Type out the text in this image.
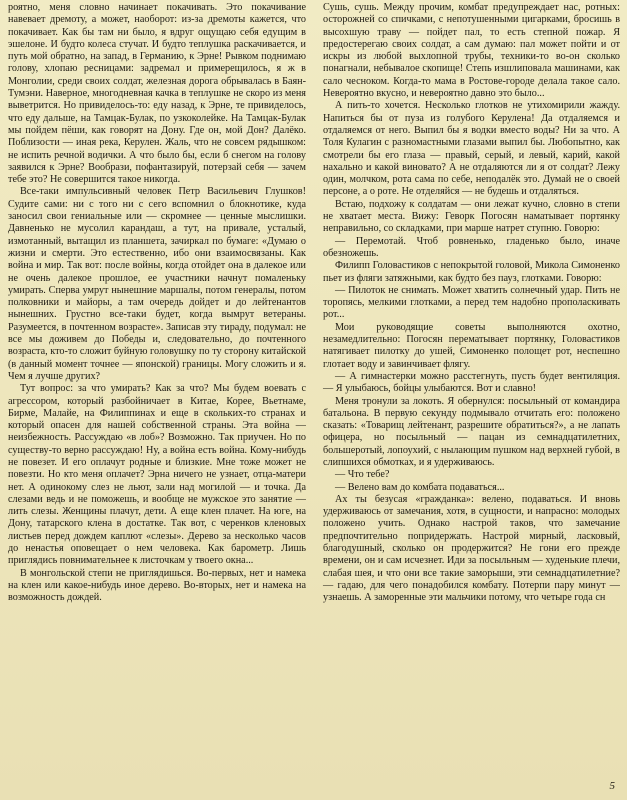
роятно, меня словно начинает покачивать. Это покачивание навевает дремоту, а может, наоборот: из-за дремоты кажется, что покачивает. Как бы там ни было, я вдруг ощущаю себя едущим в эшелоне. И будто колеса стучат. И будто теплушка раскачивается, и путь мой обратно, на запад, в Германию, к Эрне! Рывком поднимаю голову, хлопаю ресницами: задремал и примерещилось, я ж в Монголии, среди своих солдат, железная дорога обрывалась в Баян-Тумэни. Наверное, многодневная качка в теплушке не скоро из меня выветрится. Но привиделось-то: еду назад, к Эрне, те привиделось, что еду дальше, на Тамцак-Булак, по узкоколейке. На Тамцак-Булак мы пойдем пёши, как говорят на Дону. Где он, мой Дон? Далёко. Поблизости — иная река, Керулен. Жаль, что не совсем рядышком: не испить речной водички. А что было бы, если б снегом на голову заявился к Эрне? Вообрази, пофантазируй, потерзай себя — зачем тебе это? Не совершится такое никогда.

Все-таки импульсивный человек Петр Васильевич Глушков! Судите сами: ни с того ни с сего вспомнил о блокнотике, куда заносил свои гениальные или — скромнее — ценные мыслишки. Давненько не мусолил карандаш, а тут, на привале, усталый, измотанный, вытащил из планшета, зачиркал по бумаге: «Думаю о жизни и смерти. Это естественно, ибо они взаимосвязаны. Как война и мир. Так вот: после войны, когда отойдет она в далекое или не очень далекое прошлое, ее участники начнут помаленьку умирать. Сперва умрут нынешние маршалы, потом генералы, потом полковники и майоры, а там очередь дойдет и до лейтенантов нынешних. Грустно все-таки будет, когда вымрут ветераны. Разумеется, в почтенном возрасте». Записав эту тираду, подумал: не все мы доживем до Победы и, следовательно, до почтенного возраста, кто-то сложит буйную головушку по ту сторону китайской (в данный момент точнее — японской) границы. Могу сложить и я. Чем я лучше других?

Тут вопрос: за что умирать? Как за что? Мы будем воевать с агрессором, который разбойничает в Китае, Корее, Вьетнаме, Бирме, Малайе, на Филиппинах и еще в скольких-то странах и который опасен для нашей собственной страны. Эта война — неизбежность. Рассуждаю «в лоб»? Возможно. Так приучен. Но по существу-то верно рассуждаю! Ну, а война есть война. Кому-нибудь не повезет. И его оплачут родные и близкие. Мне тоже может не повезти. Но кто меня оплачет? Эрна ничего не узнает, отца-матери нет. А одинокому слез не льют, зали над могилой — и точка. Да слезами ведь и не поможешь, и вообще не мужское это занятие — лить слезы. Женщины плачут, дети. А еще клен плачет. На юге, на Дону, татарского клена в достатке. Так вот, с черенков кленовых листьев перед дождем каплют «слезы». Дерево за несколько часов до ненастья оповещает о нем человека. Как барометр. Лишь приглядись повнимательнее к листочкам у твоего окна...

В монгольской степи не приглядишься. Во-первых, нет и намека на клен или какое-нибудь иное дерево. Во-вторых, нет и намека на возможность дождей.

Сушь, сушь. Между прочим, комбат предупреждает нас, ротных: осторожней со спичками, с непотушенными цигарками, бросишь в высохшую траву — пойдет пал, то есть степной пожар. Я предостерегаю своих солдат, а сам думаю: пал может пойти и от искры из любой выхлопной трубы, техники-то во-он сколько понагнали, небывалое скопище! Степь изшлиповала машинами, как сало чесноком. Когда-то мама в Ростове-городе делала такое сало. Невероятно вкусно, и невероятно давно это было...

А пить-то хочется. Несколько глотков не утихомирили жажду. Напиться бы от пуза из голубого Керулена! Да отдаляемся и отдаляемся от него. Выпил бы я водки вместо воды? Ни за что. А Толя Кулагин с разномастными глазами выпил бы. Любопытно, как смотрели бы его глаза — правый, серый, и левый, карий, какой нахально и какой виновато? А не отдаляются ли я от солдат? Лежу один, молчком, рота сама по себе, неподалёк это. Думай не о своей персоне, а о роте. Не отделяйся — не будешь и отдаляться.

Встаю, подхожу к солдатам — они лежат кучно, словно в степи не хватает места. Вижу: Геворк Погосян наматывает портянку неправильно, со складками, при марше натрет ступню. Говорю:

— Перемотай. Чтоб ровненько, гладенько было, иначе обезножешь.

Филипп Головастиков с непокрытой головой, Микола Симоненко пьет из фляги затяжными, как будто без пауз, глотками. Говорю:

— Пилоток не снимать. Может хватить солнечный удар. Пить не торопясь, мелкими глотками, а перед тем надобно прополаскивать рот...

Мои руководящие советы выполняются охотно, незамедлительно: Погосян перематывает портянку, Головастиков натягивает пилотку до ушей, Симоненко полощет рот, неспешно глотает воду и завинчивает флягу.

— А гимнастерки можно расстегнуть, пусть будет вентиляция. — Я улыбаюсь, бойцы улыбаются. Вот и славно!

Меня тронули за локоть. Я обернулся: посыльный от командира батальона. В первую секунду подмывало отчитать его: положено сказать: «Товарищ лейтенант, разрешите обратиться?», а не лапать офицера, но посыльный — пацан из семнадцатилетних, большеротый, лопоухий, с нылающим пушком над верхней губой, в слипшихся обмотках, и я удерживаюсь.

— Что тебе?

— Велено вам до комбата подаваться...

Ах ты безусая «гражданка»: велено, подаваться. И вновь удерживаюсь от замечания, хотя, в сущности, и напрасно: молодых положено учить. Однако настрой таков, что замечание предпочтительно попридержать. Настрой мирный, ласковый, благодушный, сколько он продержится? Не гони его прежде времени, он и сам исчезнет. Иди за посыльным — худенькие плечи, слабая шея, и что они все такие заморыши, эти семнадцатилетние? — гадаю, для чего понадобился комбату. Потерпи пару минут — узнаешь. А заморенные эти мальчики потому, что четыре года сн

5
